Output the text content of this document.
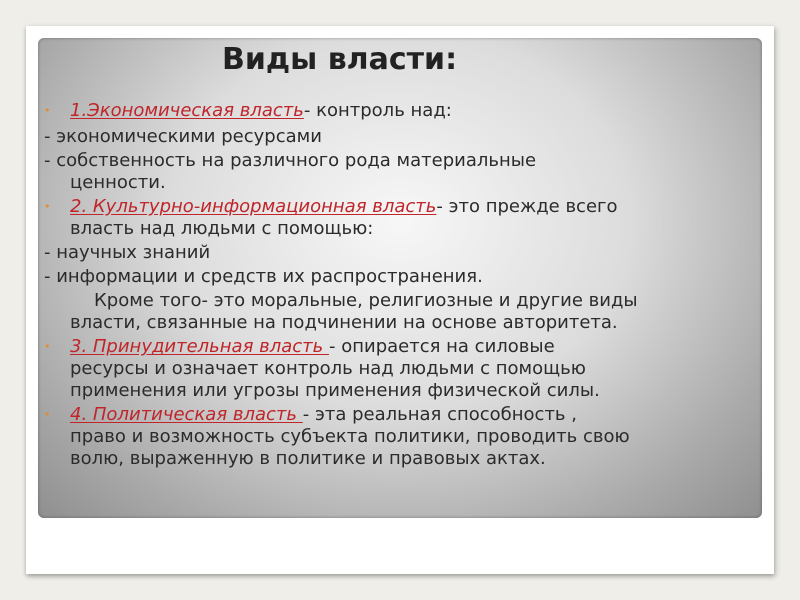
Виды власти:
•	1.Экономическая власть- контроль над:
- экономическими ресурсами
- собственность на различного рода материальные
ценности.
•	2. Культурно-информационная власть- это прежде всего
власть над людьми с помощью:
- научных знаний
- информации и средств их распространения.
Кроме того- это моральные, религиозные и другие виды
власти, связанные на подчинении на основе авторитета.
•	3. Принудительная власть - опирается на силовые
ресурсы и означает контроль над людьми с помощью
применения или угрозы применения физической силы.
•	4. Политическая власть - эта реальная способность ,
право и возможность субъекта политики, проводить свою
волю, выраженную в политике и правовых актах.
